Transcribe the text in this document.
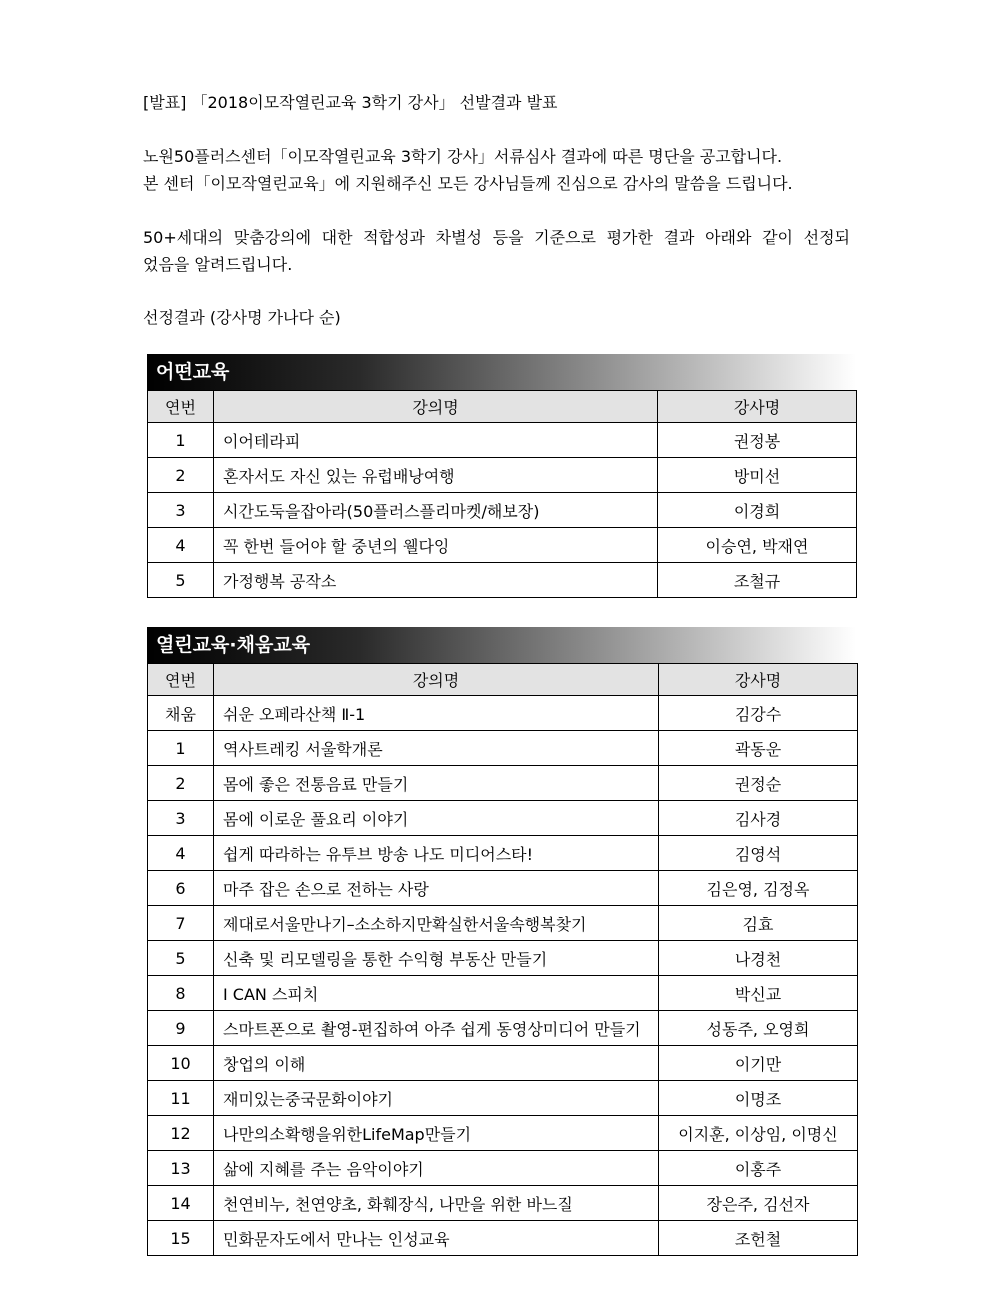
[발표] 「2018이모작열린교육 3학기 강사」 선발결과 발표
노원50플러스센터「이모작열린교육 3학기 강사」서류심사 결과에 따른 명단을 공고합니다.
본 센터「이모작열린교육」에 지원해주신 모든 강사님들께 진심으로 감사의 말씀을 드립니다.
50+세대의 맞춤강의에 대한 적합성과 차별성 등을 기준으로 평가한 결과 아래와 같이 선정되
었음을 알려드립니다.
선정결과 (강사명 가나다 순)
어떤교육
연번	강의명	강사명
1	이어테라피	권정봉
2	혼자서도 자신 있는 유럽배낭여행	방미선
3	시간도둑을잡아라(50플러스플리마켓/해보장)	이경희
4	꼭 한번 들어야 할 중년의 웰다잉	이승연, 박재연
5	가정행복 공작소	조철규
열린교육·채움교육
연번	강의명	강사명
채움	쉬운 오페라산책 Ⅱ-1	김강수
1	역사트레킹 서울학개론	곽동운
2	몸에 좋은 전통음료 만들기	권정순
3	몸에 이로운 풀요리 이야기	김사경
4	쉽게 따라하는 유투브 방송 나도 미디어스타!	김영석
6	마주 잡은 손으로 전하는 사랑	김은영, 김정옥
7	제대로서울만나기–소소하지만확실한서울속행복찾기	김효
5	신축 및 리모델링을 통한 수익형 부동산 만들기	나경천
8	I CAN 스피치	박신교
9	스마트폰으로 촬영-편집하여 아주 쉽게 동영상미디어 만들기	성동주, 오영희
10	창업의 이해	이기만
11	재미있는중국문화이야기	이명조
12	나만의소확행을위한LifeMap만들기	이지훈, 이상임, 이명신
13	삶에 지혜를 주는 음악이야기	이홍주
14	천연비누, 천연양초, 화훼장식, 나만을 위한 바느질	장은주, 김선자
15	민화문자도에서 만나는 인성교육	조헌철
